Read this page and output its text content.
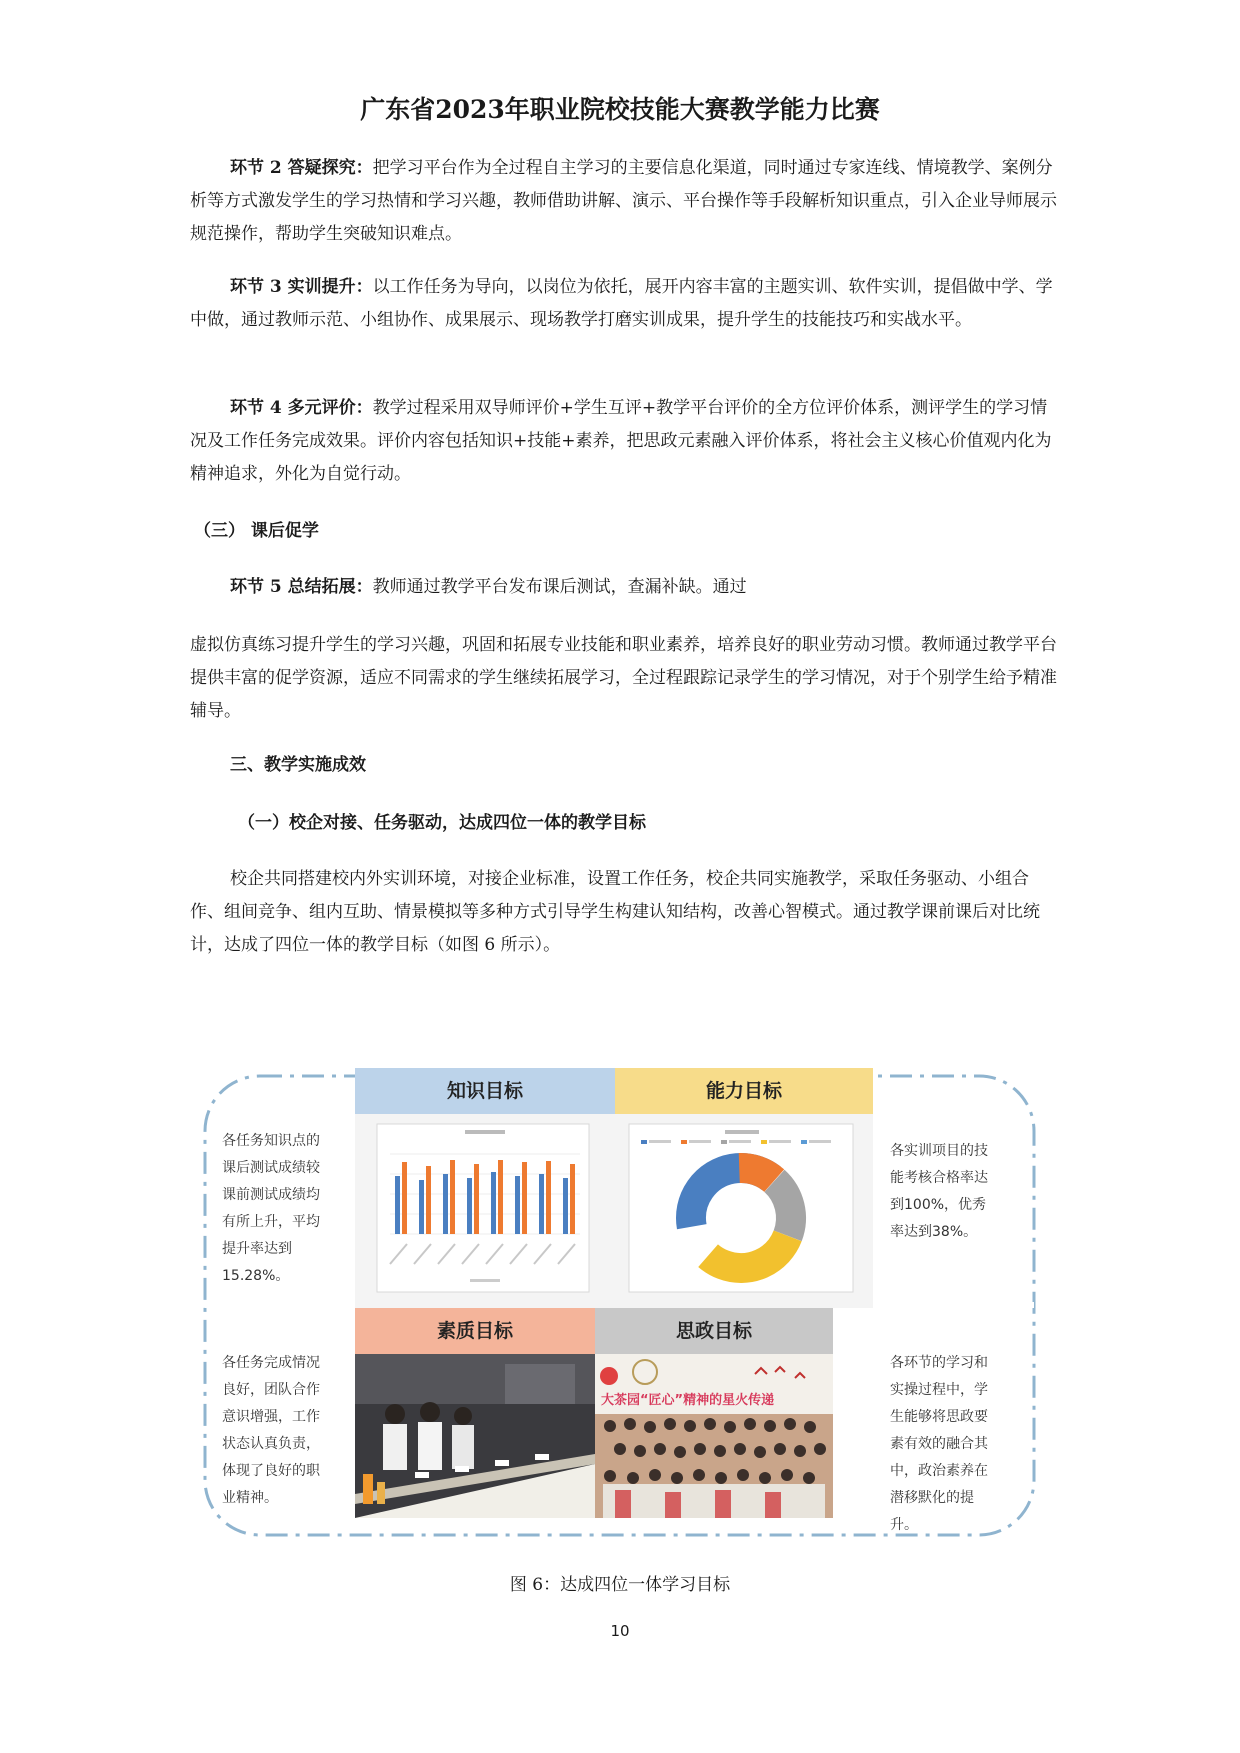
广东省2023年职业院校技能大赛教学能力比赛

环节 2 答疑探究：把学习平台作为全过程自主学习的主要信息化渠道，同时通过专家连线、情境教学、案例分析等方式激发学生的学习热情和学习兴趣，教师借助讲解、演示、平台操作等手段解析知识重点，引入企业导师展示规范操作，帮助学生突破知识难点。

环节 3 实训提升：以工作任务为导向，以岗位为依托，展开内容丰富的主题实训、软件实训，提倡做中学、学中做，通过教师示范、小组协作、成果展示、现场教学打磨实训成果，提升学生的技能技巧和实战水平。

环节 4 多元评价：教学过程采用双导师评价+学生互评+教学平台评价的全方位评价体系，测评学生的学习情况及工作任务完成效果。评价内容包括知识+技能+素养，把思政元素融入评价体系，将社会主义核心价值观内化为精神追求，外化为自觉行动。

（三） 课后促学

环节 5 总结拓展：教师通过教学平台发布课后测试，查漏补缺。通过

虚拟仿真练习提升学生的学习兴趣，巩固和拓展专业技能和职业素养，培养良好的职业劳动习惯。教师通过教学平台提供丰富的促学资源，适应不同需求的学生继续拓展学习，全过程跟踪记录学生的学习情况，对于个别学生给予精准辅导。

三、教学实施成效

（一）校企对接、任务驱动，达成四位一体的教学目标

校企共同搭建校内外实训环境，对接企业标准，设置工作任务，校企共同实施教学，采取任务驱动、小组合作、组间竞争、组内互助、情景模拟等多种方式引导学生构建认知结构，改善心智模式。通过教学课前课后对比统计，达成了四位一体的教学目标（如图 6 所示）。

各任务知识点的课后测试成绩较课前测试成绩均有所上升，平均提升率达到15.28%。
各实训项目的技能考核合格率达到100%，优秀率达到38%。
各任务完成情况良好，团队合作意识增强，工作状态认真负责，体现了良好的职业精神。
各环节的学习和实操过程中，学生能够将思政要素有效的融合其中，政治素养在潜移默化的提升。
知识目标	能力目标
素质目标	思政目标
大茶园“匠心”精神的星火传递
图 6：达成四位一体学习目标
10
